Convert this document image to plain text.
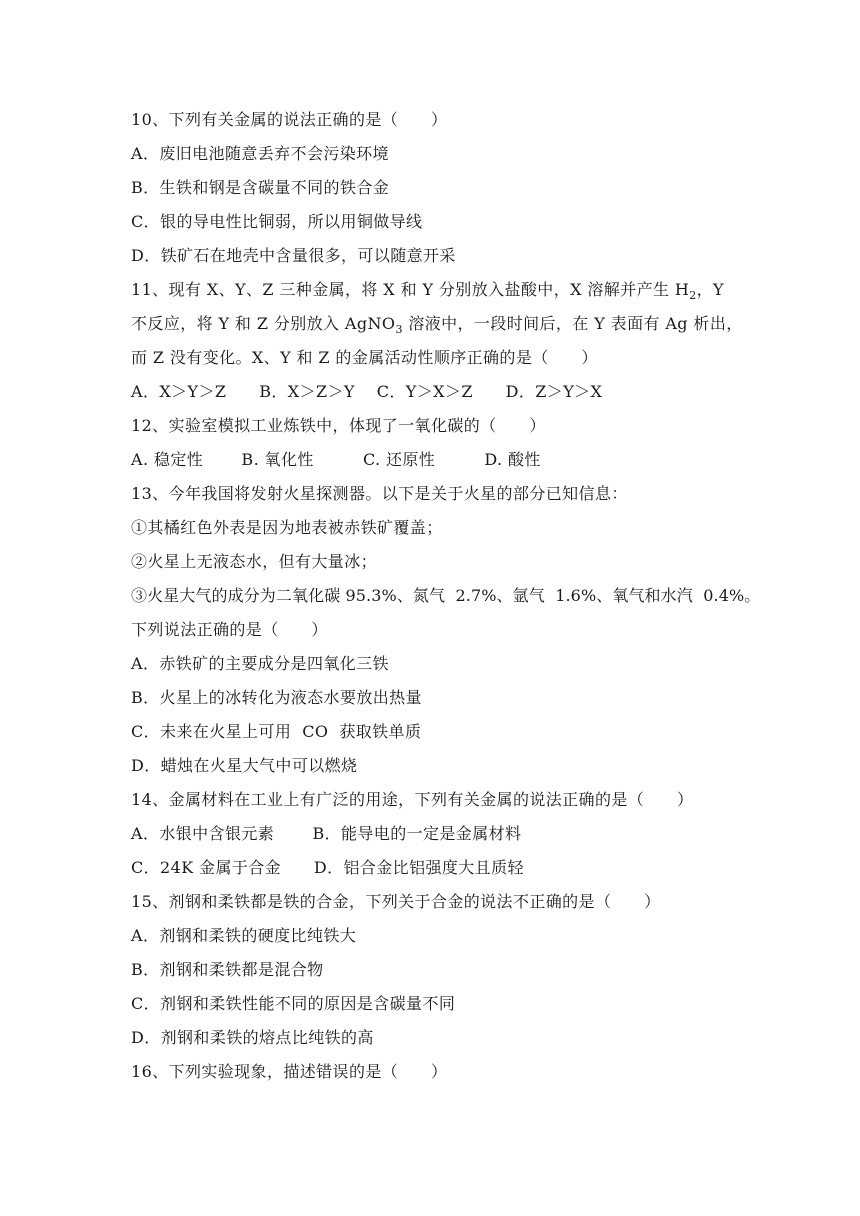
10、下列有关金属的说法正确的是（　　）
A．废旧电池随意丢弃不会污染环境
B．生铁和钢是含碳量不同的铁合金
C．银的导电性比铜弱，所以用铜做导线
D．铁矿石在地壳中含量很多，可以随意开采
11、现有 X、Y、Z 三种金属，将 X 和 Y 分别放入盐酸中，X 溶解并产生 $H_2$，Y
不反应，将 Y 和 Z 分别放入 AgNO$_3$ 溶液中，一段时间后，在 Y 表面有 Ag 析出，
而 Z 没有变化。X、Y 和 Z 的金属活动性顺序正确的是（　　）
A．X＞Y＞Z　　B．X＞Z＞Y　 C．Y＞X＞Z　　D．Z＞Y＞X
12、实验室模拟工业炼铁中，体现了一氧化碳的（　　）
A. 稳定性　　 B. 氧化性　　　C. 还原性　　　D. 酸性
13、今年我国将发射火星探测器。以下是关于火星的部分已知信息：
①其橘红色外表是因为地表被赤铁矿覆盖；
②火星上无液态水，但有大量冰；
③火星大气的成分为二氧化碳 95.3%、氮气  2.7%、氩气  1.6%、氧气和水汽  0.4%。
下列说法正确的是（　　）
A．赤铁矿的主要成分是四氧化三铁
B．火星上的冰转化为液态水要放出热量
C．未来在火星上可用  CO  获取铁单质
D．蜡烛在火星大气中可以燃烧
14、金属材料在工业上有广泛的用途，下列有关金属的说法正确的是（　　）
A．水银中含银元素　　 B．能导电的一定是金属材料
C．24K 金属于合金　　D．铝合金比铝强度大且质轻
15、剂钢和柔铁都是铁的合金，下列关于合金的说法不正确的是（　　）
A．剂钢和柔铁的硬度比纯铁大
B．剂钢和柔铁都是混合物
C．剂钢和柔铁性能不同的原因是含碳量不同
D．剂钢和柔铁的熔点比纯铁的高
16、下列实验现象，描述错误的是（　　）
